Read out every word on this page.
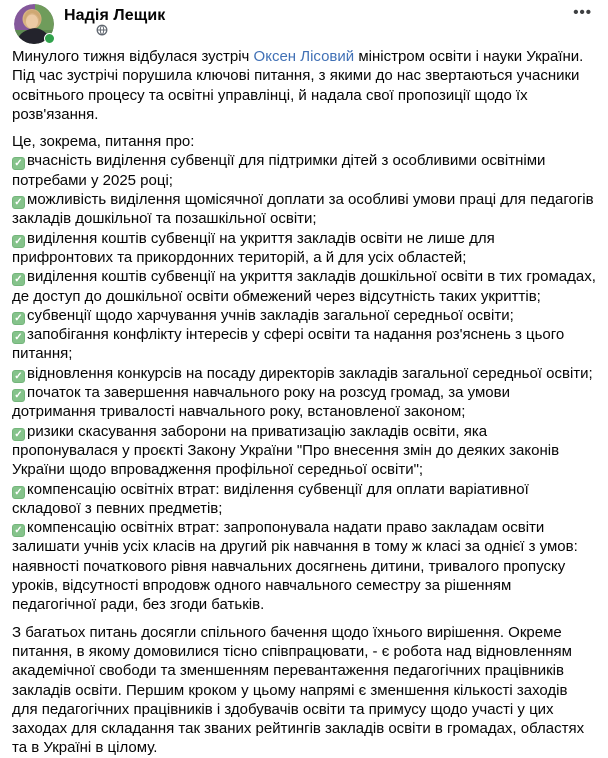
Надія Лещик	•••
Минулого тижня відбулася зустріч Оксен Лісовий міністром освіти і науки України. Під час зустрічі порушила ключові питання, з якими до нас звертаються учасники освітнього процесу та освітні управлінці, й надала свої пропозиції щодо їх розв'язання.
Це, зокрема, питання про:
✓ вчасність виділення субвенції для підтримки дітей з особливими освітніми потребами у 2025 році;
✓ можливість виділення щомісячної доплати за особливі умови праці для педагогів закладів дошкільної та позашкільної освіти;
✓ виділення коштів субвенції на укриття закладів освіти не лише для прифронтових та прикордонних територій, а й для усіх областей;
✓ виділення коштів субвенції на укриття закладів дошкільної освіти в тих громадах, де доступ до дошкільної освіти обмежений через відсутність таких укриттів;
✓ субвенції щодо харчування учнів закладів загальної середньої освіти;
✓ запобігання конфлікту інтересів у сфері освіти та надання роз'яснень з цього питання;
✓ відновлення конкурсів на посаду директорів закладів загальної середньої освіти;
✓ початок та завершення навчального року на розсуд громад, за умови дотримання тривалості навчального року, встановленої законом;
✓ ризики скасування заборони на приватизацію закладів освіти, яка пропонувалася у проєкті Закону України "Про внесення змін до деяких законів України щодо впровадження профільної середньої освіти";
✓ компенсацію освітніх втрат: виділення субвенції для оплати варіативної складової з певних предметів;
✓ компенсацію освітніх втрат: запропонувала надати право закладам освіти залишати учнів усіх класів на другий рік навчання в тому ж класі за однієї з умов: наявності початкового рівня навчальних досягнень дитини, тривалого пропуску уроків, відсутності впродовж одного навчального семестру за рішенням педагогічної ради, без згоди батьків.
З багатьох питань досягли спільного бачення щодо їхнього вирішення. Окреме питання, в якому домовилися тісно співпрацювати, - є робота над відновленням академічної свободи та зменшенням перевантаження педагогічних працівників закладів освіти. Першим кроком у цьому напрямі є зменшення кількості заходів для педагогічних працівників і здобувачів освіти та примусу щодо участі у цих заходах для складання так званих рейтингів закладів освіти в громадах, областях та в Україні в цілому.
